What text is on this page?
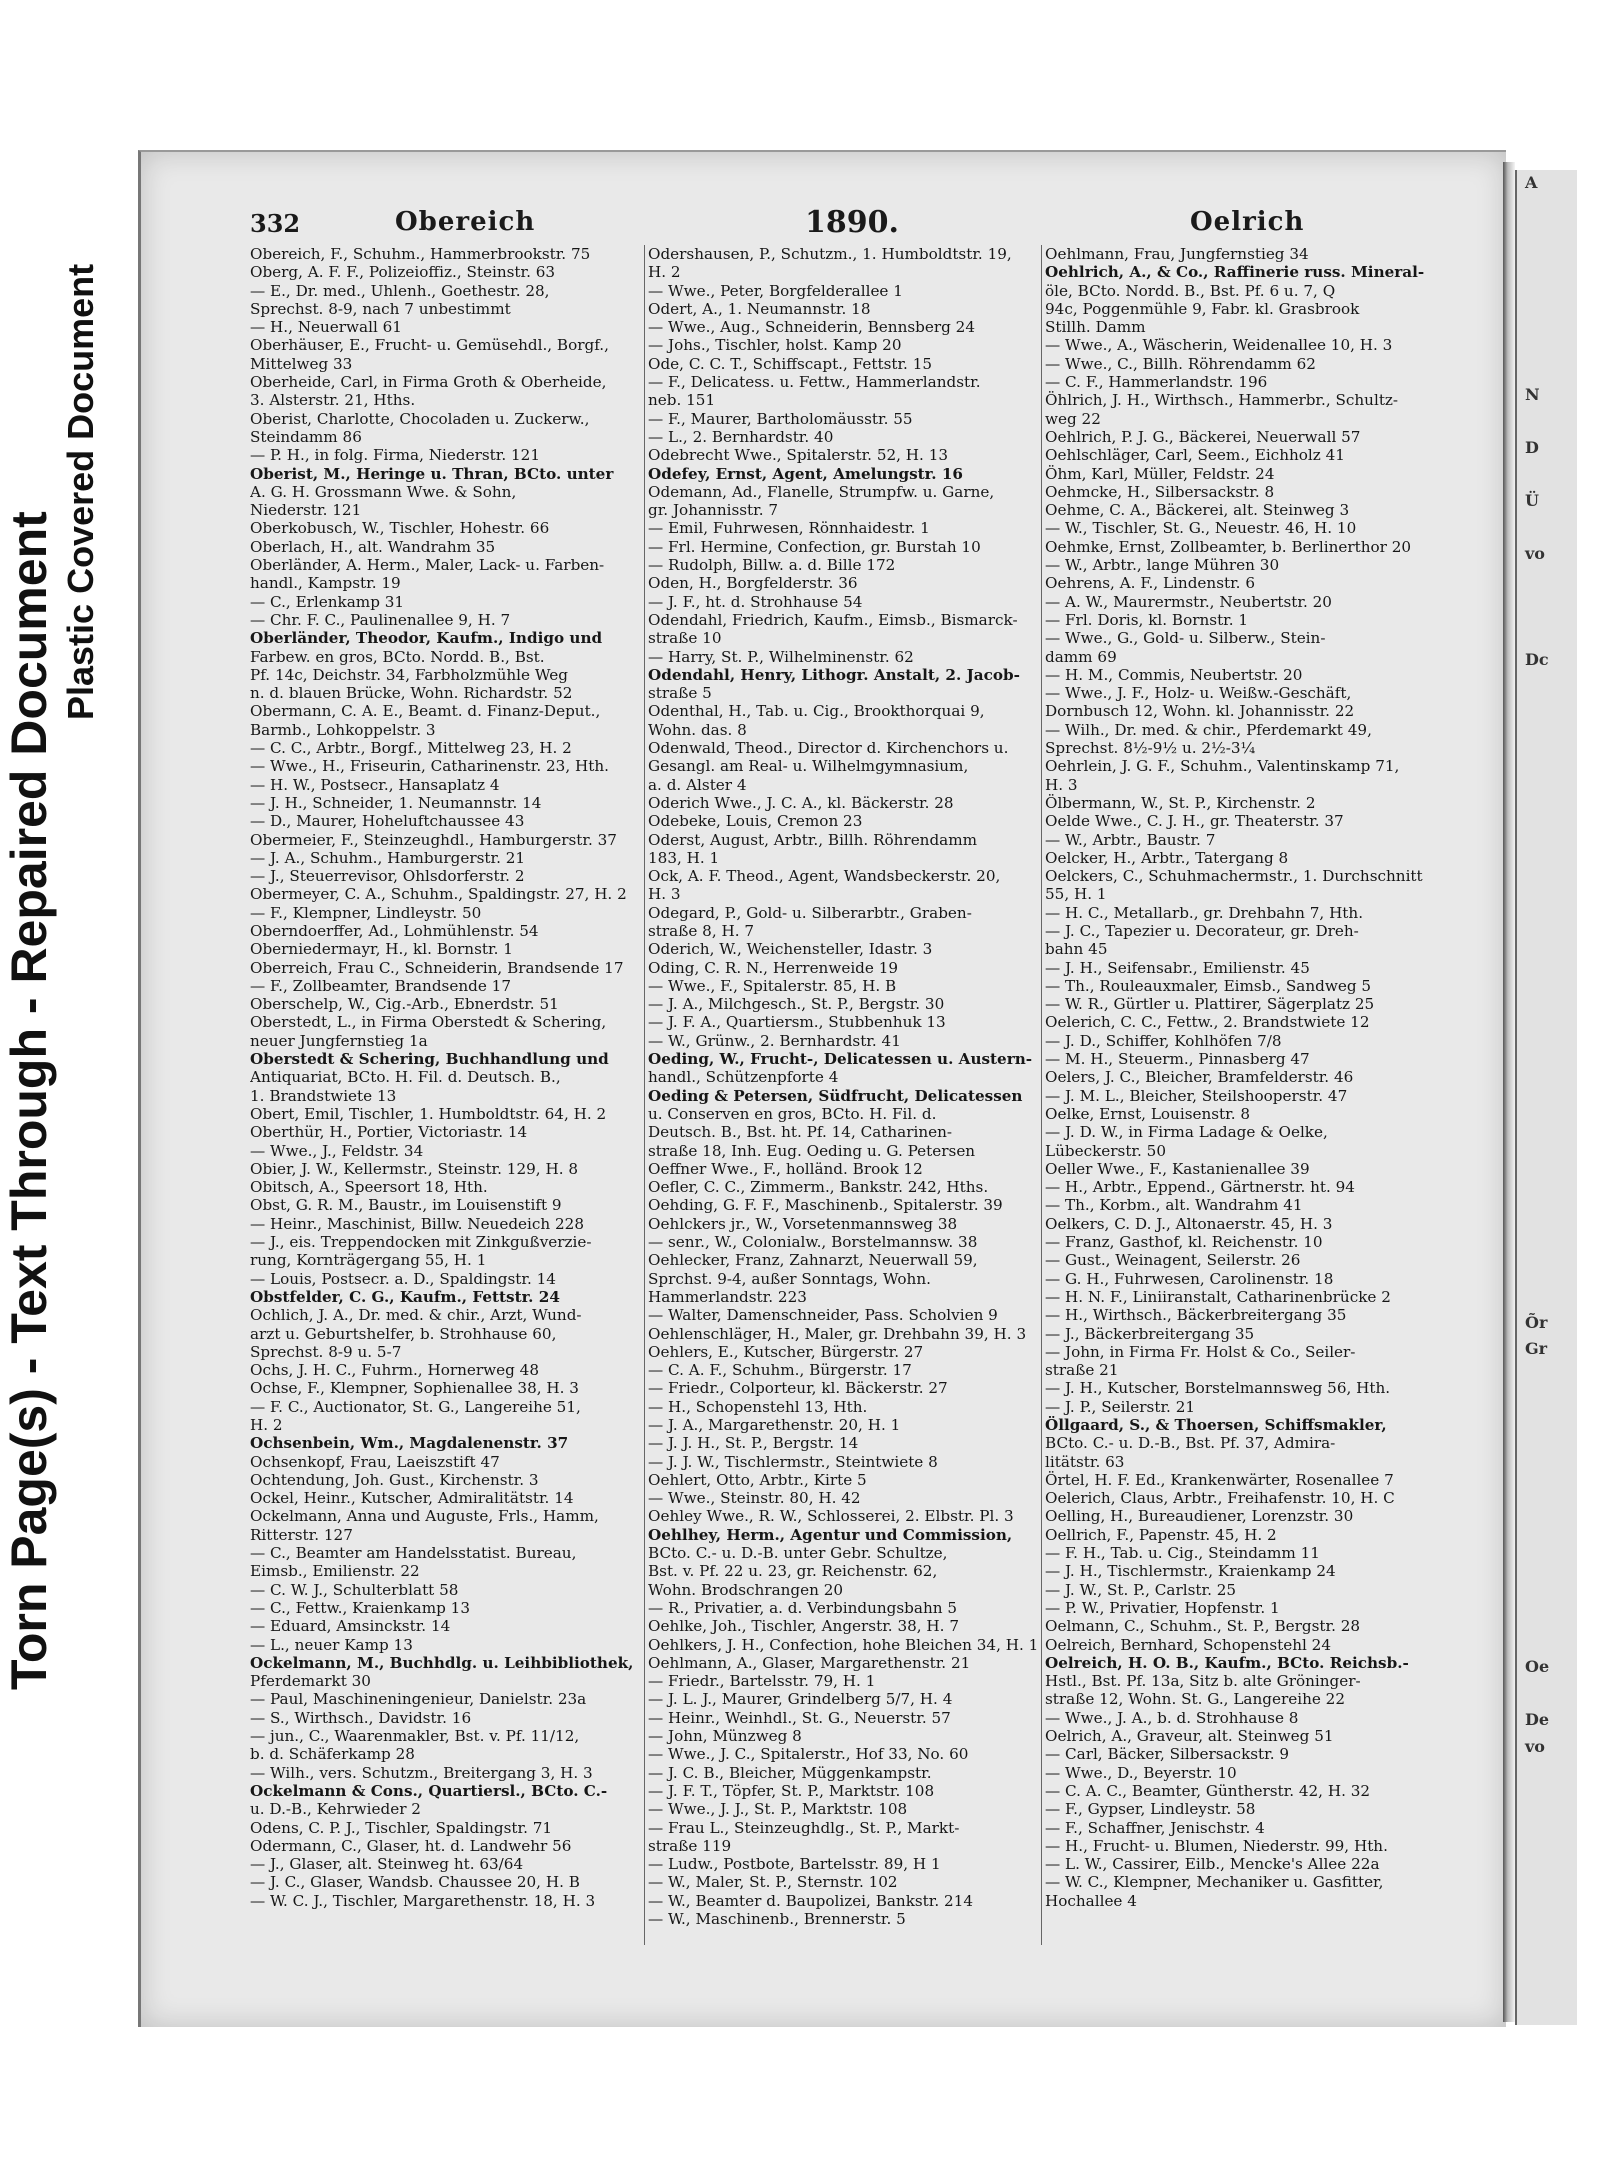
Torn Page(s) - Text Through - Repaired Document
Plastic Covered Document
A

N

D

Ü

vo

Dc

Õr
Gr

Oe

De
vo
332	Obereich	1890.	Oelrich
Obereich, F., Schuhm., Hammerbrookstr. 75
Oberg, A. F. F., Polizeioffiz., Steinstr. 63
— E., Dr. med., Uhlenh., Goethestr. 28,
Sprechst. 8-9, nach 7 unbestimmt
— H., Neuerwall 61
Oberhäuser, E., Frucht- u. Gemüsehdl., Borgf.,
Mittelweg 33
Oberheide, Carl, in Firma Groth & Oberheide,
3. Alsterstr. 21, Hths.
Oberist, Charlotte, Chocoladen u. Zuckerw.,
Steindamm 86
— P. H., in folg. Firma, Niederstr. 121
Oberist, M., Heringe u. Thran, BCto. unter
A. G. H. Grossmann Wwe. & Sohn,
Niederstr. 121
Oberkobusch, W., Tischler, Hohestr. 66
Oberlach, H., alt. Wandrahm 35
Oberländer, A. Herm., Maler, Lack- u. Farben-
handl., Kampstr. 19
— C., Erlenkamp 31
— Chr. F. C., Paulinenallee 9, H. 7
Oberländer, Theodor, Kaufm., Indigo und
Farbew. en gros, BCto. Nordd. B., Bst.
Pf. 14c, Deichstr. 34, Farbholzmühle Weg
n. d. blauen Brücke, Wohn. Richardstr. 52
Obermann, C. A. E., Beamt. d. Finanz-Deput.,
Barmb., Lohkoppelstr. 3
— C. C., Arbtr., Borgf., Mittelweg 23, H. 2
— Wwe., H., Friseurin, Catharinenstr. 23, Hth.
— H. W., Postsecr., Hansaplatz 4
— J. H., Schneider, 1. Neumannstr. 14
— D., Maurer, Hoheluftchaussee 43
Obermeier, F., Steinzeughdl., Hamburgerstr. 37
— J. A., Schuhm., Hamburgerstr. 21
— J., Steuerrevisor, Ohlsdorferstr. 2
Obermeyer, C. A., Schuhm., Spaldingstr. 27, H. 2
— F., Klempner, Lindleystr. 50
Oberndoerffer, Ad., Lohmühlenstr. 54
Oberniedermayr, H., kl. Bornstr. 1
Oberreich, Frau C., Schneiderin, Brandsende 17
— F., Zollbeamter, Brandsende 17
Oberschelp, W., Cig.-Arb., Ebnerdstr. 51
Oberstedt, L., in Firma Oberstedt & Schering,
neuer Jungfernstieg 1a
Oberstedt & Schering, Buchhandlung und
Antiquariat, BCto. H. Fil. d. Deutsch. B.,
1. Brandstwiete 13
Obert, Emil, Tischler, 1. Humboldtstr. 64, H. 2
Oberthür, H., Portier, Victoriastr. 14
— Wwe., J., Feldstr. 34
Obier, J. W., Kellermstr., Steinstr. 129, H. 8
Obitsch, A., Speersort 18, Hth.
Obst, G. R. M., Baustr., im Louisenstift 9
— Heinr., Maschinist, Billw. Neuedeich 228
— J., eis. Treppendocken mit Zinkgußverzie-
rung, Kornträgergang 55, H. 1
— Louis, Postsecr. a. D., Spaldingstr. 14
Obstfelder, C. G., Kaufm., Fettstr. 24
Ochlich, J. A., Dr. med. & chir., Arzt, Wund-
arzt u. Geburtshelfer, b. Strohhause 60,
Sprechst. 8-9 u. 5-7
Ochs, J. H. C., Fuhrm., Hornerweg 48
Ochse, F., Klempner, Sophienallee 38, H. 3
— F. C., Auctionator, St. G., Langereihe 51,
H. 2
Ochsenbein, Wm., Magdalenenstr. 37
Ochsenkopf, Frau, Laeiszstift 47
Ochtendung, Joh. Gust., Kirchenstr. 3
Ockel, Heinr., Kutscher, Admiralitätstr. 14
Ockelmann, Anna und Auguste, Frls., Hamm,
Ritterstr. 127
— C., Beamter am Handelsstatist. Bureau,
Eimsb., Emilienstr. 22
— C. W. J., Schulterblatt 58
— C., Fettw., Kraienkamp 13
— Eduard, Amsinckstr. 14
— L., neuer Kamp 13
Ockelmann, M., Buchhdlg. u. Leihbibliothek,
Pferdemarkt 30
— Paul, Maschineningenieur, Danielstr. 23a
— S., Wirthsch., Davidstr. 16
— jun., C., Waarenmakler, Bst. v. Pf. 11/12,
b. d. Schäferkamp 28
— Wilh., vers. Schutzm., Breitergang 3, H. 3
Ockelmann & Cons., Quartiersl., BCto. C.-
u. D.-B., Kehrwieder 2
Odens, C. P. J., Tischler, Spaldingstr. 71
Odermann, C., Glaser, ht. d. Landwehr 56
— J., Glaser, alt. Steinweg ht. 63/64
— J. C., Glaser, Wandsb. Chaussee 20, H. B
— W. C. J., Tischler, Margarethenstr. 18, H. 3
Odershausen, P., Schutzm., 1. Humboldtstr. 19,
H. 2
— Wwe., Peter, Borgfelderallee 1
Odert, A., 1. Neumannstr. 18
— Wwe., Aug., Schneiderin, Bennsberg 24
— Johs., Tischler, holst. Kamp 20
Ode, C. C. T., Schiffscapt., Fettstr. 15
— F., Delicatess. u. Fettw., Hammerlandstr.
neb. 151
— F., Maurer, Bartholomäusstr. 55
— L., 2. Bernhardstr. 40
Odebrecht Wwe., Spitalerstr. 52, H. 13
Odefey, Ernst, Agent, Amelungstr. 16
Odemann, Ad., Flanelle, Strumpfw. u. Garne,
gr. Johannisstr. 7
— Emil, Fuhrwesen, Rönnhaidestr. 1
— Frl. Hermine, Confection, gr. Burstah 10
— Rudolph, Billw. a. d. Bille 172
Oden, H., Borgfelderstr. 36
— J. F., ht. d. Strohhause 54
Odendahl, Friedrich, Kaufm., Eimsb., Bismarck-
straße 10
— Harry, St. P., Wilhelminenstr. 62
Odendahl, Henry, Lithogr. Anstalt, 2. Jacob-
straße 5
Odenthal, H., Tab. u. Cig., Brookthorquai 9,
Wohn. das. 8
Odenwald, Theod., Director d. Kirchenchors u.
Gesangl. am Real- u. Wilhelmgymnasium,
a. d. Alster 4
Oderich Wwe., J. C. A., kl. Bäckerstr. 28
Odebeke, Louis, Cremon 23
Oderst, August, Arbtr., Billh. Röhrendamm
183, H. 1
Ock, A. F. Theod., Agent, Wandsbeckerstr. 20,
H. 3
Odegard, P., Gold- u. Silberarbtr., Graben-
straße 8, H. 7
Oderich, W., Weichensteller, Idastr. 3
Oding, C. R. N., Herrenweide 19
— Wwe., F., Spitalerstr. 85, H. B
— J. A., Milchgesch., St. P., Bergstr. 30
— J. F. A., Quartiersm., Stubbenhuk 13
— W., Grünw., 2. Bernhardstr. 41
Oeding, W., Frucht-, Delicatessen u. Austern-
handl., Schützenpforte 4
Oeding & Petersen, Südfrucht, Delicatessen
u. Conserven en gros, BCto. H. Fil. d.
Deutsch. B., Bst. ht. Pf. 14, Catharinen-
straße 18, Inh. Eug. Oeding u. G. Petersen
Oeffner Wwe., F., holländ. Brook 12
Oefler, C. C., Zimmerm., Bankstr. 242, Hths.
Oehding, G. F. F., Maschinenb., Spitalerstr. 39
Oehlckers jr., W., Vorsetenmannsweg 38
— senr., W., Colonialw., Borstelmannsw. 38
Oehlecker, Franz, Zahnarzt, Neuerwall 59,
Sprchst. 9-4, außer Sonntags, Wohn.
Hammerlandstr. 223
— Walter, Damenschneider, Pass. Scholvien 9
Oehlenschläger, H., Maler, gr. Drehbahn 39, H. 3
Oehlers, E., Kutscher, Bürgerstr. 27
— C. A. F., Schuhm., Bürgerstr. 17
— Friedr., Colporteur, kl. Bäckerstr. 27
— H., Schopenstehl 13, Hth.
— J. A., Margarethenstr. 20, H. 1
— J. J. H., St. P., Bergstr. 14
— J. J. W., Tischlermstr., Steintwiete 8
Oehlert, Otto, Arbtr., Kirte 5
— Wwe., Steinstr. 80, H. 42
Oehley Wwe., R. W., Schlosserei, 2. Elbstr. Pl. 3
Oehlhey, Herm., Agentur und Commission,
BCto. C.- u. D.-B. unter Gebr. Schultze,
Bst. v. Pf. 22 u. 23, gr. Reichenstr. 62,
Wohn. Brodschrangen 20
— R., Privatier, a. d. Verbindungsbahn 5
Oehlke, Joh., Tischler, Angerstr. 38, H. 7
Oehlkers, J. H., Confection, hohe Bleichen 34, H. 1
Oehlmann, A., Glaser, Margarethenstr. 21
— Friedr., Bartelsstr. 79, H. 1
— J. L. J., Maurer, Grindelberg 5/7, H. 4
— Heinr., Weinhdl., St. G., Neuerstr. 57
— John, Münzweg 8
— Wwe., J. C., Spitalerstr., Hof 33, No. 60
— J. C. B., Bleicher, Müggenkampstr.
— J. F. T., Töpfer, St. P., Marktstr. 108
— Wwe., J. J., St. P., Marktstr. 108
— Frau L., Steinzeughdlg., St. P., Markt-
straße 119
— Ludw., Postbote, Bartelsstr. 89, H 1
— W., Maler, St. P., Sternstr. 102
— W., Beamter d. Baupolizei, Bankstr. 214
— W., Maschinenb., Brennerstr. 5
Oehlmann, Frau, Jungfernstieg 34
Oehlrich, A., & Co., Raffinerie russ. Mineral-
öle, BCto. Nordd. B., Bst. Pf. 6 u. 7, Q
94c, Poggenmühle 9, Fabr. kl. Grasbrook
Stillh. Damm
— Wwe., A., Wäscherin, Weidenallee 10, H. 3
— Wwe., C., Billh. Röhrendamm 62
— C. F., Hammerlandstr. 196
Öhlrich, J. H., Wirthsch., Hammerbr., Schultz-
weg 22
Oehlrich, P. J. G., Bäckerei, Neuerwall 57
Oehlschläger, Carl, Seem., Eichholz 41
Öhm, Karl, Müller, Feldstr. 24
Oehmcke, H., Silbersackstr. 8
Oehme, C. A., Bäckerei, alt. Steinweg 3
— W., Tischler, St. G., Neuestr. 46, H. 10
Oehmke, Ernst, Zollbeamter, b. Berlinerthor 20
— W., Arbtr., lange Mühren 30
Oehrens, A. F., Lindenstr. 6
— A. W., Maurermstr., Neubertstr. 20
— Frl. Doris, kl. Bornstr. 1
— Wwe., G., Gold- u. Silberw., Stein-
damm 69
— H. M., Commis, Neubertstr. 20
— Wwe., J. F., Holz- u. Weißw.-Geschäft,
Dornbusch 12, Wohn. kl. Johannisstr. 22
— Wilh., Dr. med. & chir., Pferdemarkt 49,
Sprechst. 8½-9½ u. 2½-3¼
Oehrlein, J. G. F., Schuhm., Valentinskamp 71,
H. 3
Ölbermann, W., St. P., Kirchenstr. 2
Oelde Wwe., C. J. H., gr. Theaterstr. 37
— W., Arbtr., Baustr. 7
Oelcker, H., Arbtr., Tatergang 8
Oelckers, C., Schuhmachermstr., 1. Durchschnitt
55, H. 1
— H. C., Metallarb., gr. Drehbahn 7, Hth.
— J. C., Tapezier u. Decorateur, gr. Dreh-
bahn 45
— J. H., Seifensabr., Emilienstr. 45
— Th., Rouleauxmaler, Eimsb., Sandweg 5
— W. R., Gürtler u. Plattirer, Sägerplatz 25
Oelerich, C. C., Fettw., 2. Brandstwiete 12
— J. D., Schiffer, Kohlhöfen 7/8
— M. H., Steuerm., Pinnasberg 47
Oelers, J. C., Bleicher, Bramfelderstr. 46
— J. M. L., Bleicher, Steilshooperstr. 47
Oelke, Ernst, Louisenstr. 8
— J. D. W., in Firma Ladage & Oelke,
Lübeckerstr. 50
Oeller Wwe., F., Kastanienallee 39
— H., Arbtr., Eppend., Gärtnerstr. ht. 94
— Th., Korbm., alt. Wandrahm 41
Oelkers, C. D. J., Altonaerstr. 45, H. 3
— Franz, Gasthof, kl. Reichenstr. 10
— Gust., Weinagent, Seilerstr. 26
— G. H., Fuhrwesen, Carolinenstr. 18
— H. N. F., Liniiranstalt, Catharinenbrücke 2
— H., Wirthsch., Bäckerbreitergang 35
— J., Bäckerbreitergang 35
— John, in Firma Fr. Holst & Co., Seiler-
straße 21
— J. H., Kutscher, Borstelmannsweg 56, Hth.
— J. P., Seilerstr. 21
Öllgaard, S., & Thoersen, Schiffsmakler,
BCto. C.- u. D.-B., Bst. Pf. 37, Admira-
litätstr. 63
Örtel, H. F. Ed., Krankenwärter, Rosenallee 7
Oelerich, Claus, Arbtr., Freihafenstr. 10, H. C
Oelling, H., Bureaudiener, Lorenzstr. 30
Oellrich, F., Papenstr. 45, H. 2
— F. H., Tab. u. Cig., Steindamm 11
— J. H., Tischlermstr., Kraienkamp 24
— J. W., St. P., Carlstr. 25
— P. W., Privatier, Hopfenstr. 1
Oelmann, C., Schuhm., St. P., Bergstr. 28
Oelreich, Bernhard, Schopenstehl 24
Oelreich, H. O. B., Kaufm., BCto. Reichsb.-
Hstl., Bst. Pf. 13a, Sitz b. alte Gröninger-
straße 12, Wohn. St. G., Langereihe 22
— Wwe., J. A., b. d. Strohhause 8
Oelrich, A., Graveur, alt. Steinweg 51
— Carl, Bäcker, Silbersackstr. 9
— Wwe., D., Beyerstr. 10
— C. A. C., Beamter, Güntherstr. 42, H. 32
— F., Gypser, Lindleystr. 58
— F., Schaffner, Jenischstr. 4
— H., Frucht- u. Blumen, Niederstr. 99, Hth.
— L. W., Cassirer, Eilb., Mencke's Allee 22a
— W. C., Klempner, Mechaniker u. Gasfitter,
Hochallee 4
